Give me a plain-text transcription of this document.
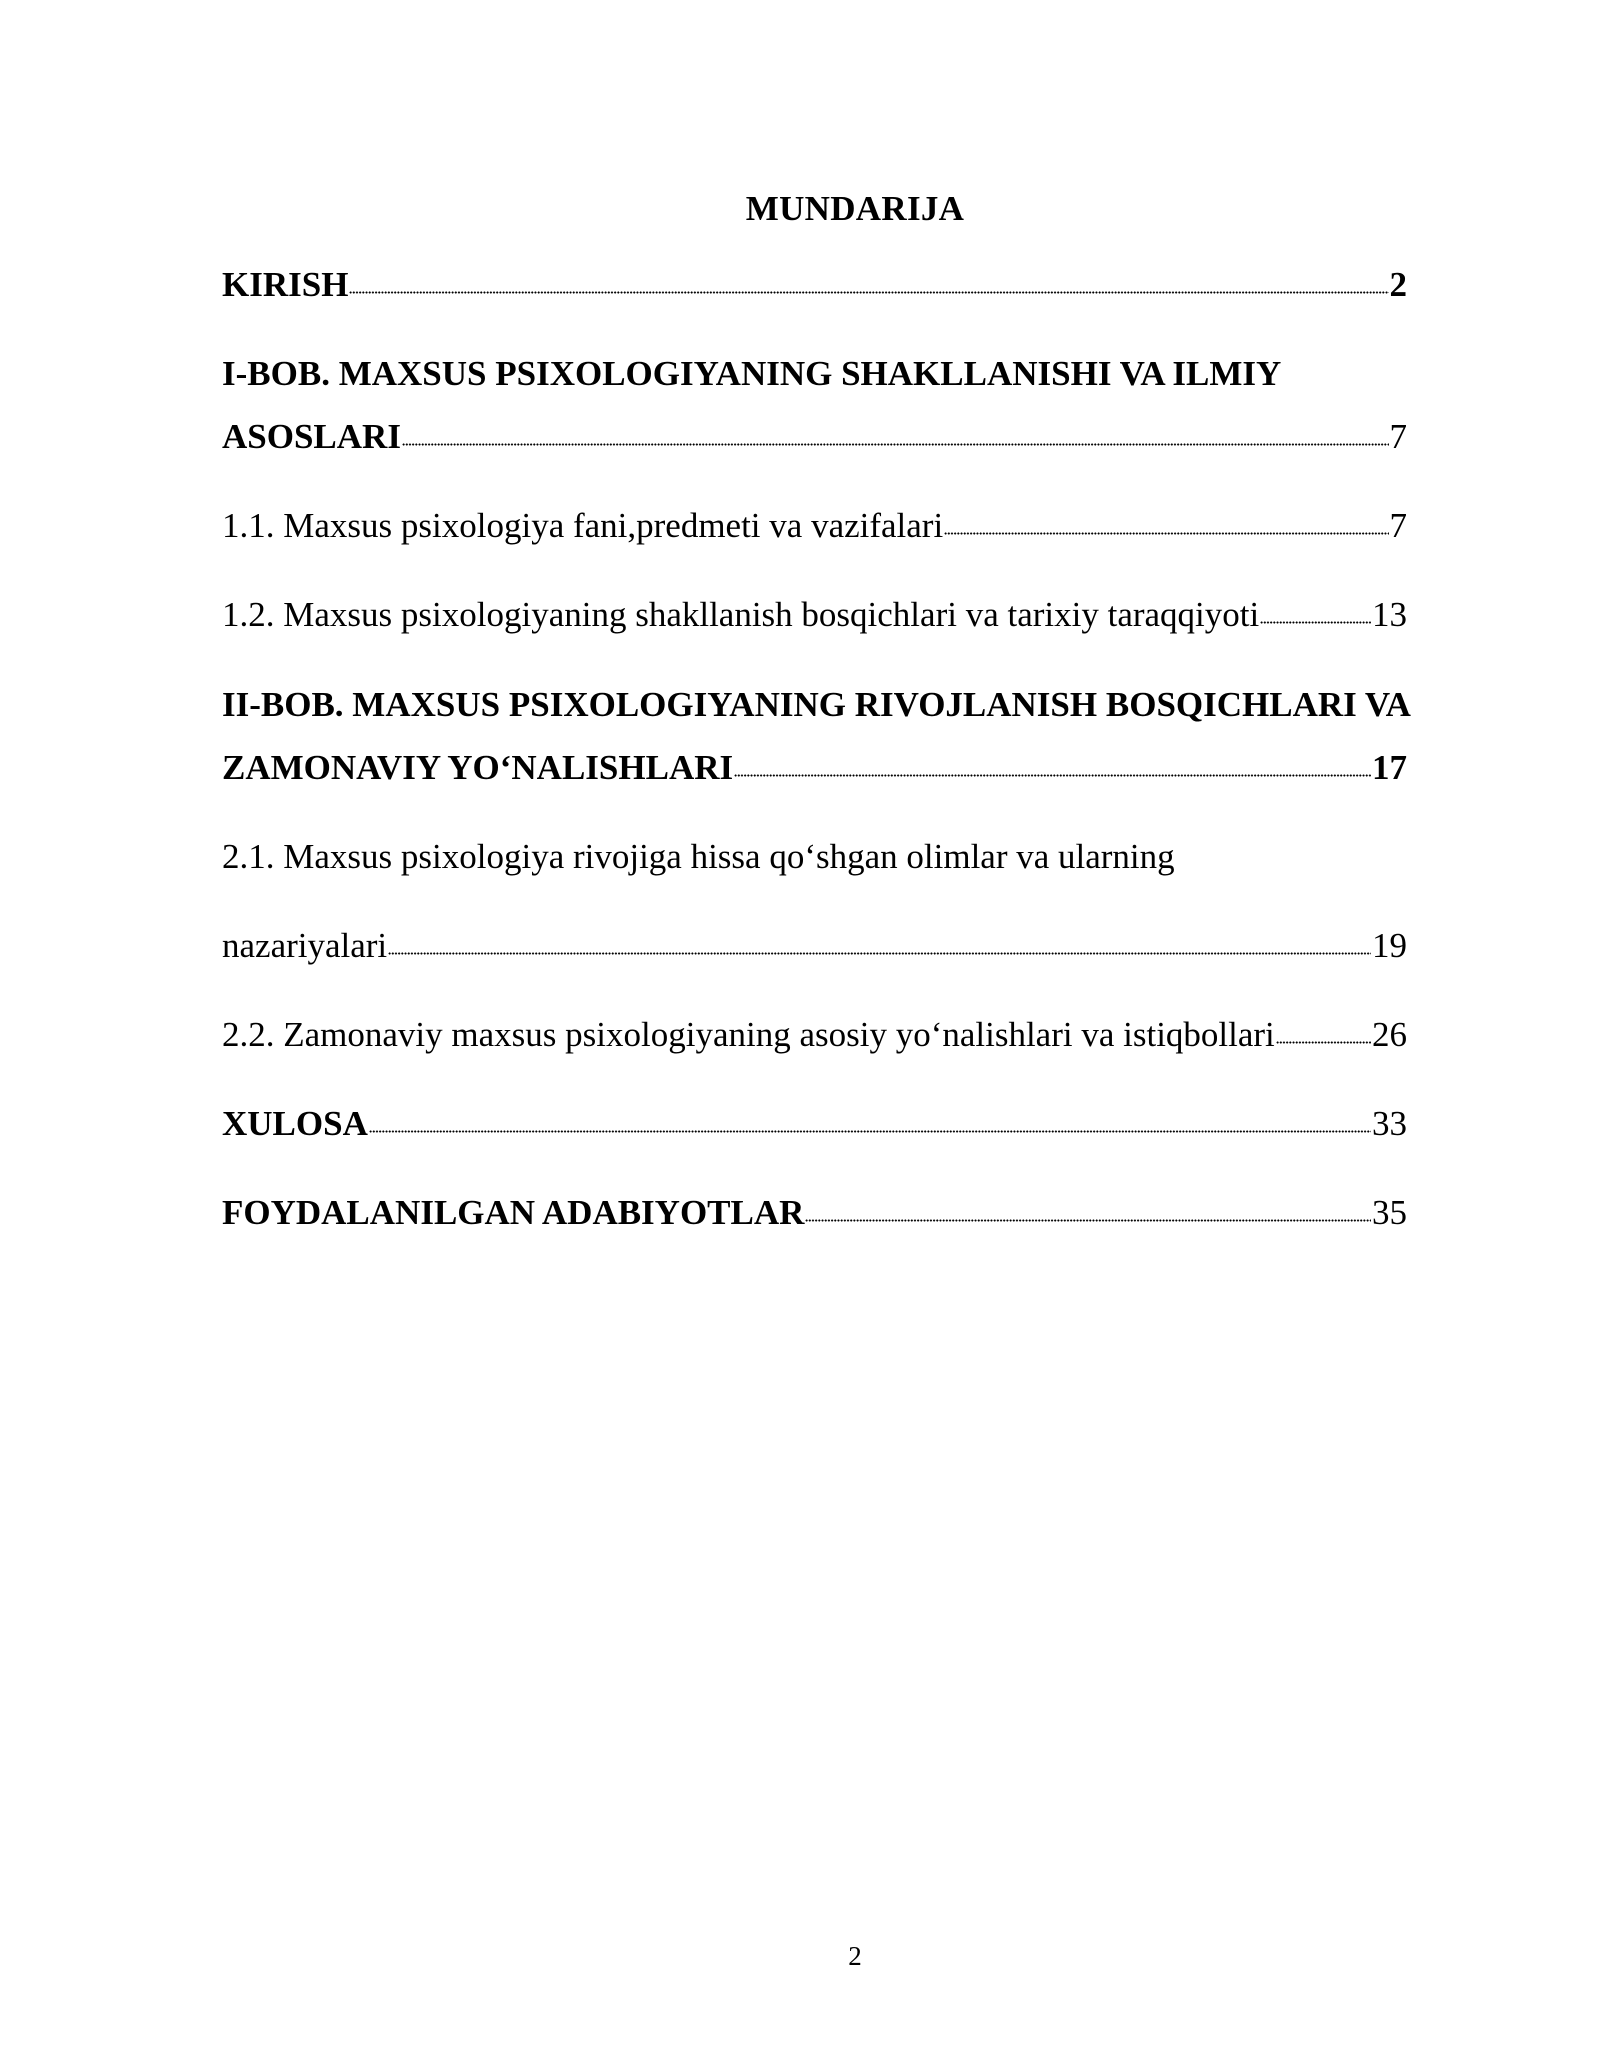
MUNDARIJA
KIRISH	2
I-BOB. MAXSUS PSIXOLOGIYANING SHAKLLANISHI VA ILMIY
ASOSLARI	7
1.1. Maxsus psixologiya fani,predmeti va vazifalari	7
1.2. Maxsus psixologiyaning shakllanish bosqichlari va tarixiy taraqqiyoti	13
II-BOB. MAXSUS PSIXOLOGIYANING RIVOJLANISH BOSQICHLARI VA
ZAMONAVIY YO‘NALISHLARI	17
2.1. Maxsus psixologiya rivojiga hissa qo‘shgan olimlar va ularning
nazariyalari	19
2.2. Zamonaviy maxsus psixologiyaning asosiy yo‘nalishlari va istiqbollari	26
XULOSA	33
FOYDALANILGAN ADABIYOTLAR	35
2
